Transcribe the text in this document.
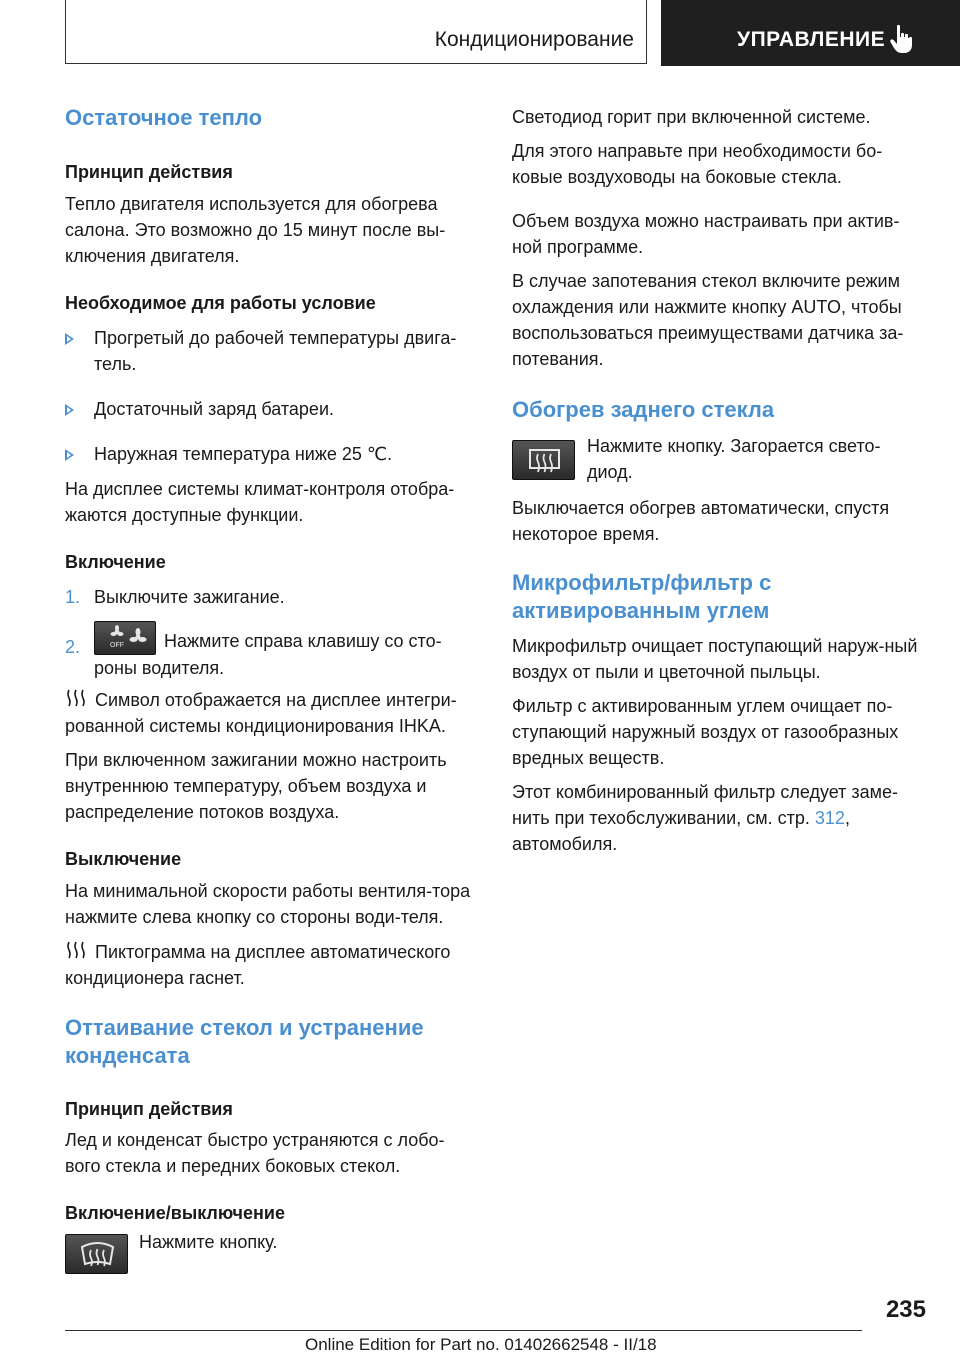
Кондиционирование	УПРАВЛЕНИЕ
Остаточное тепло
Принцип действия

Тепло двигателя используется для обогрева салона. Это возможно до 15 минут после вы-ключения двигателя.

Необходимое для работы условие
Прогретый до рабочей температуры двига-тель.
Достаточный заряд батареи.
Наружная температура ниже 25 ℃.

На дисплее системы климат-контроля отобра-жаются доступные функции.

Включение
1. Выключите зажигание.
2.	OFF Нажмите справа клавишу со сто-роны водителя.

Символ отображается на дисплее интегри-рованной системы кондиционирования IHKA.

При включенном зажигании можно настроить внутреннюю температуру, объем воздуха и распределение потоков воздуха.

Выключение

На минимальной скорости работы вентиля-тора нажмите слева кнопку со стороны води-теля.

Пиктограмма на дисплее автоматического кондиционера гаснет.

Оттаивание стекол и устранение конденсата
Принцип действия

Лед и конденсат быстро устраняются с лобо-вого стекла и передних боковых стекол.

Включение/выключение

Нажмите кнопку.

Светодиод горит при включенной системе.

Для этого направьте при необходимости бо-ковые воздуховоды на боковые стекла.

Объем воздуха можно настраивать при актив-ной программе.

В случае запотевания стекол включите режим охлаждения или нажмите кнопку AUTO, чтобы воспользоваться преимуществами датчика за-потевания.

Обогрев заднего стекла

Нажмите кнопку. Загорается свето-диод.

Выключается обогрев автоматически, спустя некоторое время.

Микрофильтр/фильтр с активированным углем

Микрофильтр очищает поступающий наруж-ный воздух от пыли и цветочной пыльцы.

Фильтр с активированным углем очищает по-ступающий наружный воздух от газообразных вредных веществ.

Этот комбинированный фильтр следует заме-нить при техобслуживании, см. стр. 312,
автомобиля.

235
Online Edition for Part no. 01402662548 - II/18
